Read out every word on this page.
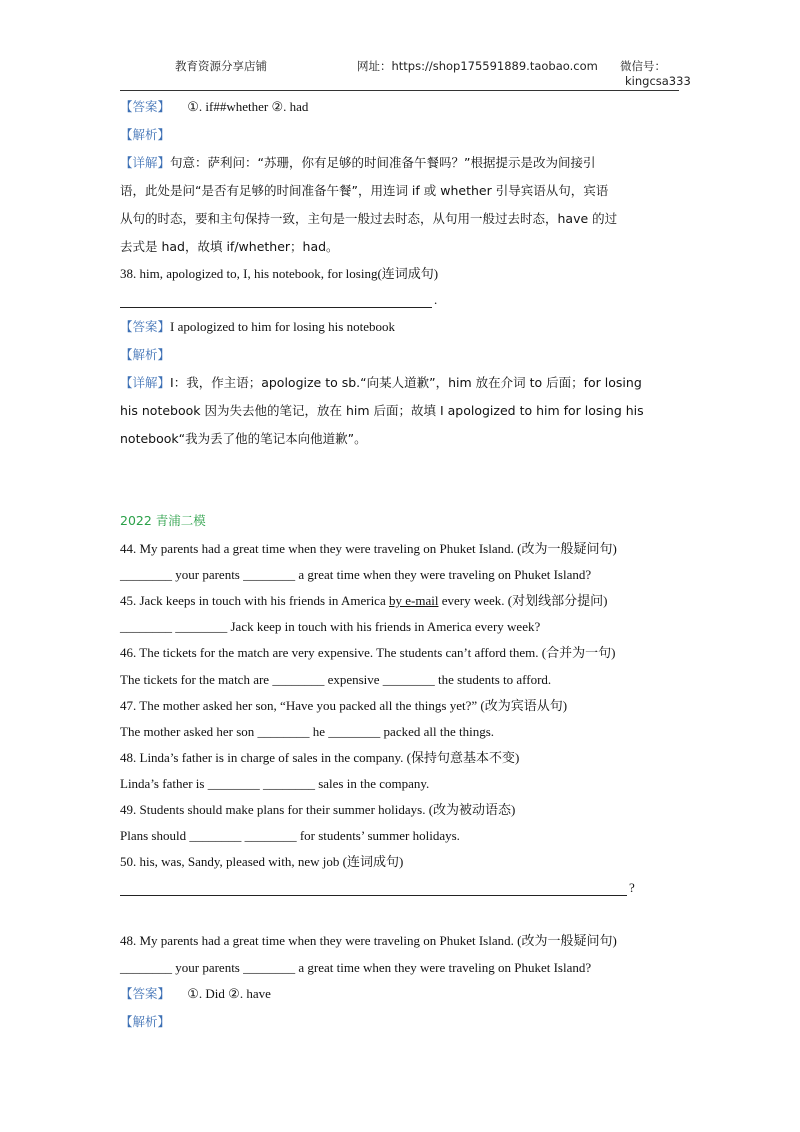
教育资源分享店铺	网址：https://shop175591889.taobao.com 微信号：
kingcsa333
【答案】 ①. if##whether ②. had
【解析】
【详解】句意：萨利问：“苏珊，你有足够的时间准备午餐吗？”根据提示是改为间接引
语，此处是问“是否有足够的时间准备午餐”，用连词 if 或 whether 引导宾语从句，宾语
从句的时态，要和主句保持一致，主句是一般过去时态，从句用一般过去时态，have 的过
去式是 had，故填 if/whether；had。
38. him, apologized to, I, his notebook, for losing(连词成句)
.
【答案】I apologized to him for losing his notebook
【解析】
【详解】I：我，作主语；apologize to sb.“向某人道歉”，him 放在介词 to 后面；for losing
his notebook 因为失去他的笔记，放在 him 后面；故填 I apologized to him for losing his
notebook“我为丢了他的笔记本向他道歉”。
2022 青浦二模
44. My parents had a great time when they were traveling on Phuket Island. (改为一般疑问句)
________ your parents ________ a great time when they were traveling on Phuket Island?
45. Jack keeps in touch with his friends in America by e-mail every week. (对划线部分提问)
________ ________ Jack keep in touch with his friends in America every week?
46. The tickets for the match are very expensive. The students can’t afford them. (合并为一句)
The tickets for the match are ________ expensive ________ the students to afford.
47. The mother asked her son, “Have you packed all the things yet?” (改为宾语从句)
The mother asked her son ________ he ________ packed all the things.
48. Linda’s father is in charge of sales in the company. (保持句意基本不变)
Linda’s father is ________ ________ sales in the company.
49. Students should make plans for their summer holidays. (改为被动语态)
Plans should ________ ________ for students’ summer holidays.
50. his, was, Sandy, pleased with, new job (连词成句)
?
48. My parents had a great time when they were traveling on Phuket Island. (改为一般疑问句)
________ your parents ________ a great time when they were traveling on Phuket Island?
【答案】 ①. Did ②. have
【解析】
